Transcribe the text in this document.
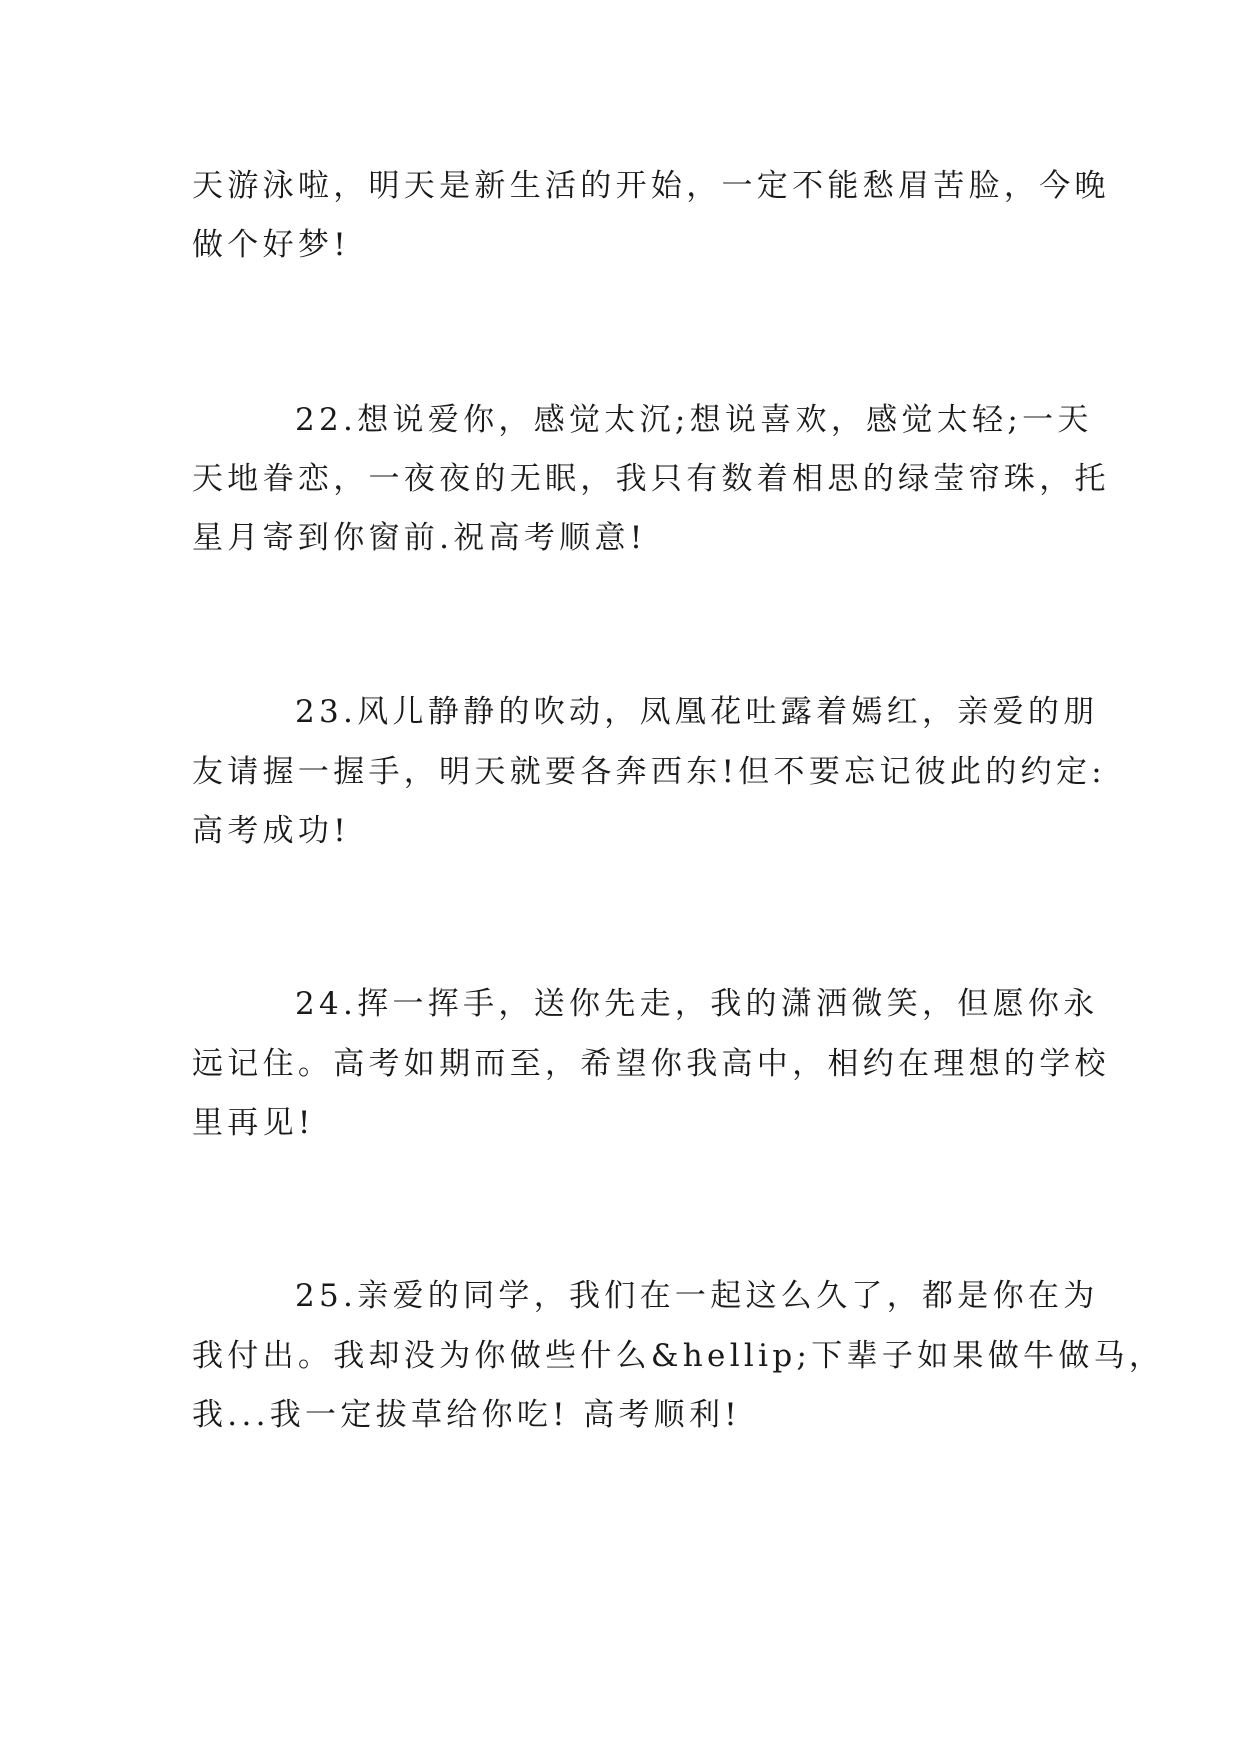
天游泳啦，明天是新生活的开始，一定不能愁眉苦脸，今晚
做个好梦!
22.想说爱你，感觉太沉;想说喜欢，感觉太轻;一天
天地眷恋，一夜夜的无眠，我只有数着相思的绿莹帘珠，托
星月寄到你窗前.祝高考顺意!
23.风儿静静的吹动，凤凰花吐露着嫣红，亲爱的朋
友请握一握手，明天就要各奔西东!但不要忘记彼此的约定:
高考成功!
24.挥一挥手，送你先走，我的潇洒微笑，但愿你永
远记住。高考如期而至，希望你我高中，相约在理想的学校
里再见!
25.亲爱的同学，我们在一起这么久了，都是你在为
我付出。我却没为你做些什么&hellip;下辈子如果做牛做马，
我...我一定拔草给你吃! 高考顺利!
